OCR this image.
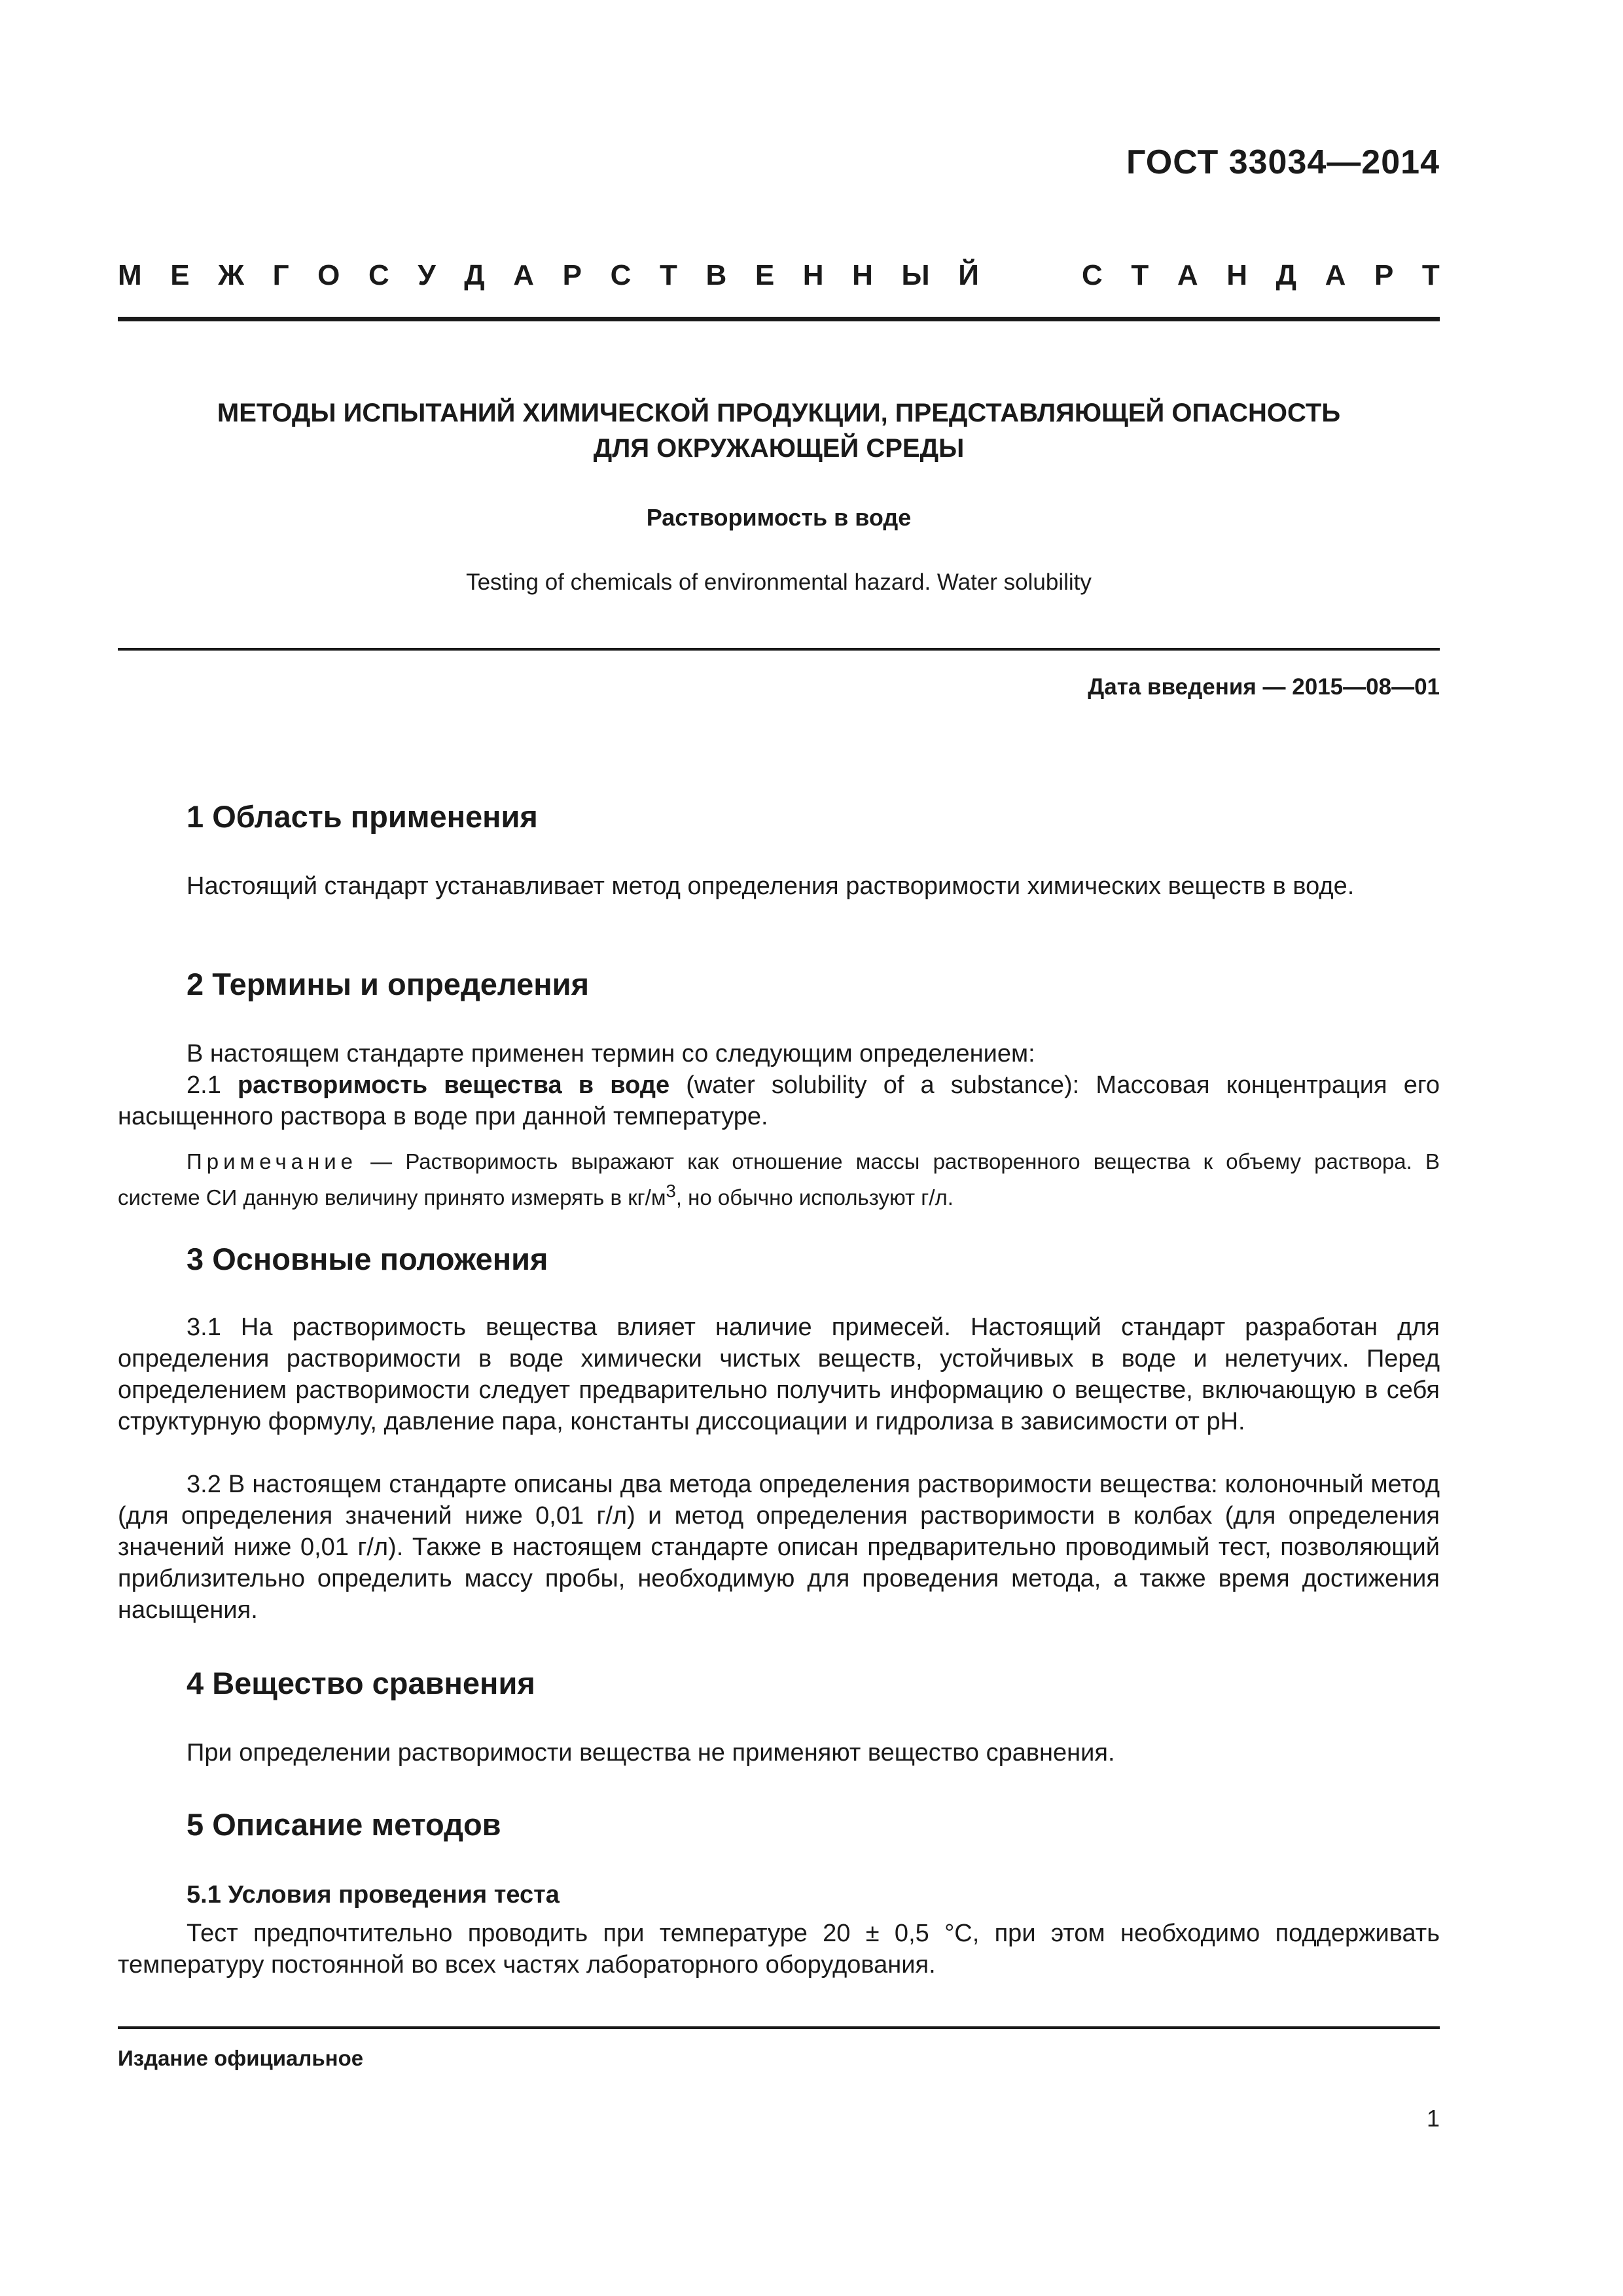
ГОСТ 33034—2014
М Е Ж Г О С У Д А Р С Т В Е Н Н Ы Й	С Т А Н Д А Р Т
МЕТОДЫ ИСПЫТАНИЙ ХИМИЧЕСКОЙ ПРОДУКЦИИ, ПРЕДСТАВЛЯЮЩЕЙ ОПАСНОСТЬ
ДЛЯ ОКРУЖАЮЩЕЙ СРЕДЫ
Растворимость в воде
Testing of chemicals of environmental hazard. Water solubility
Дата введения — 2015—08—01
1 Область применения
Настоящий стандарт устанавливает метод определения растворимости химических веществ в воде.
2 Термины и определения
В настоящем стандарте применен термин со следующим определением:
2.1 растворимость вещества в воде (water solubility of a substance): Массовая концентрация его насыщенного раствора в воде при данной температуре.
Примечание — Растворимость выражают как отношение массы растворенного вещества к объему раствора. В системе СИ данную величину принято измерять в $кг/м^3$, но обычно используют г/л.
3 Основные положения
3.1 На растворимость вещества влияет наличие примесей. Настоящий стандарт разработан для определения растворимости в воде химически чистых веществ, устойчивых в воде и нелетучих. Перед определением растворимости следует предварительно получить информацию о веществе, включающую в себя структурную формулу, давление пара, константы диссоциации и гидролиза в зависимости от pH.
3.2 В настоящем стандарте описаны два метода определения растворимости вещества: колоночный метод (для определения значений ниже 0,01 г/л) и метод определения растворимости в колбах (для определения значений ниже 0,01 г/л). Также в настоящем стандарте описан предварительно проводимый тест, позволяющий приблизительно определить массу пробы, необходимую для проведения метода, а также время достижения насыщения.
4 Вещество сравнения
При определении растворимости вещества не применяют вещество сравнения.
5 Описание методов
5.1 Условия проведения теста
Тест предпочтительно проводить при температуре 20 ± 0,5 °С, при этом необходимо поддерживать температуру постоянной во всех частях лабораторного оборудования.
Издание официальное
1
